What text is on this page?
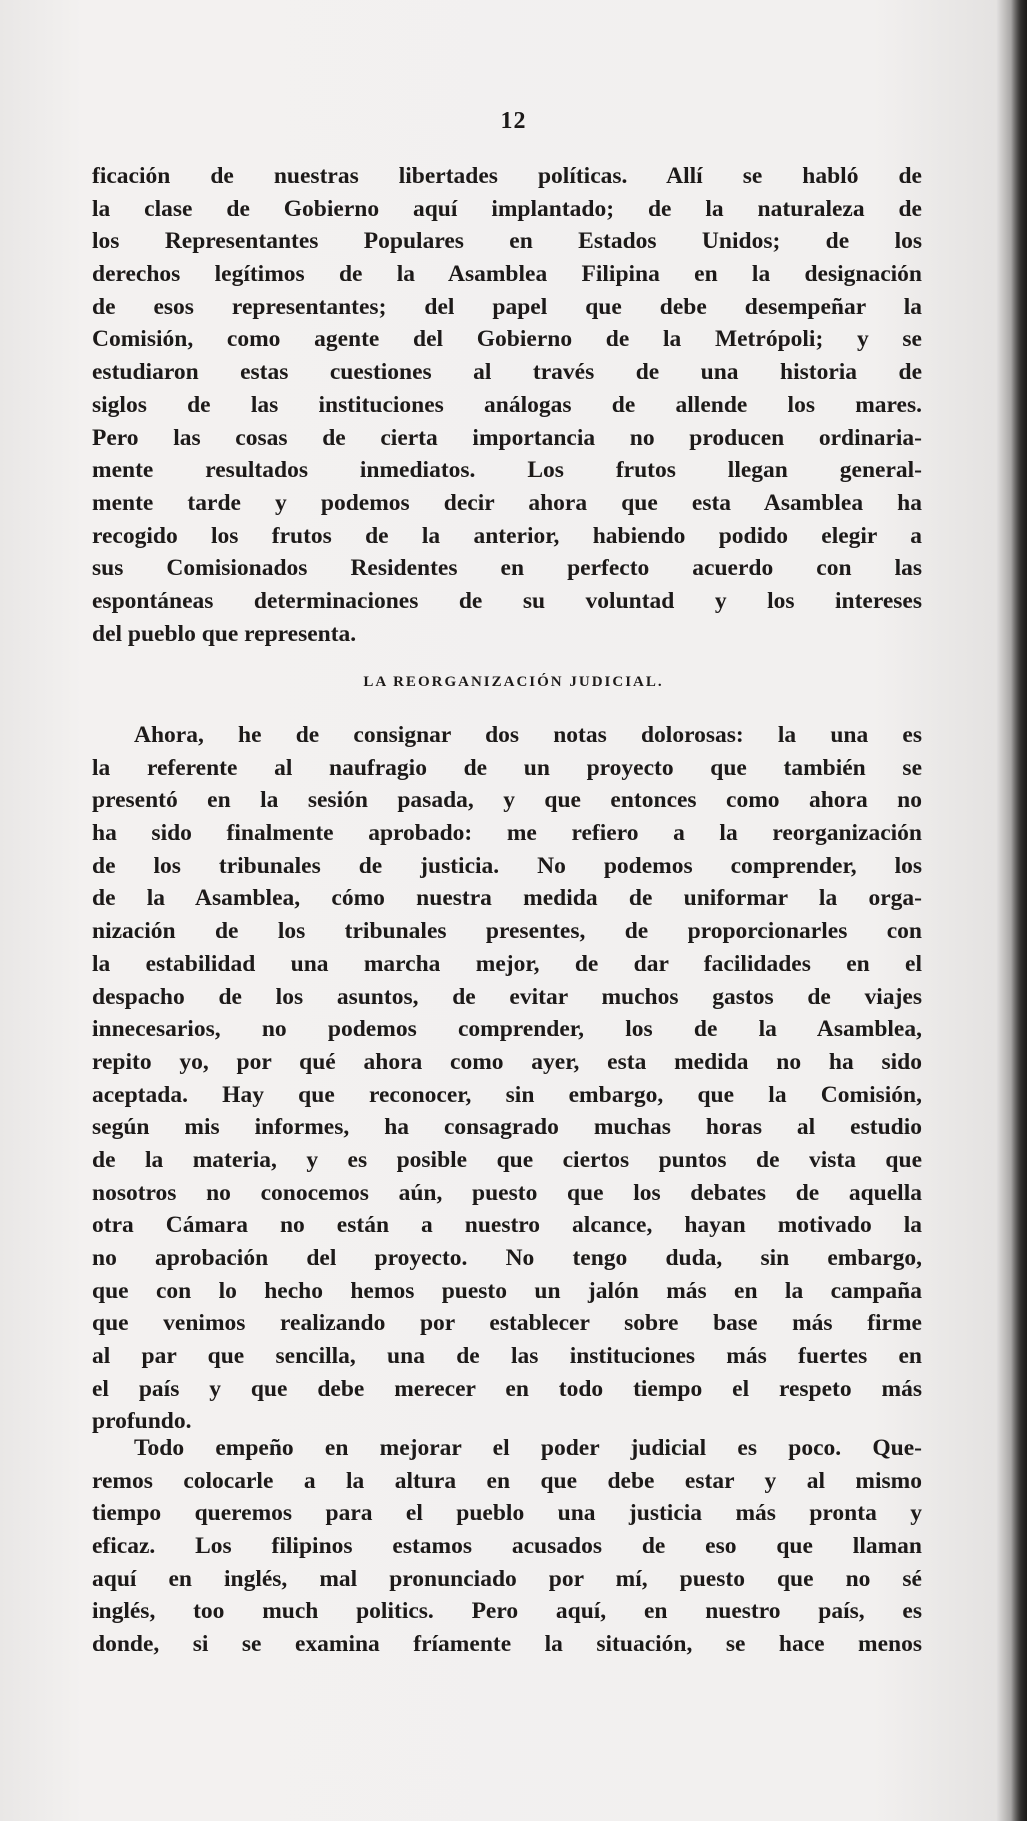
12
ficación de nuestras libertades políticas. Allí se habló de
la clase de Gobierno aquí implantado; de la naturaleza de
los Representantes Populares en Estados Unidos; de los
derechos legítimos de la Asamblea Filipina en la designación
de esos representantes; del papel que debe desempeñar la
Comisión, como agente del Gobierno de la Metrópoli; y se
estudiaron estas cuestiones al través de una historia de
siglos de las instituciones análogas de allende los mares.
Pero las cosas de cierta importancia no producen ordinaria-
mente resultados inmediatos. Los frutos llegan general-
mente tarde y podemos decir ahora que esta Asamblea ha
recogido los frutos de la anterior, habiendo podido elegir a
sus Comisionados Residentes en perfecto acuerdo con las
espontáneas determinaciones de su voluntad y los intereses
del pueblo que representa.
LA REORGANIZACIÓN JUDICIAL.
Ahora, he de consignar dos notas dolorosas: la una es
la referente al naufragio de un proyecto que también se
presentó en la sesión pasada, y que entonces como ahora no
ha sido finalmente aprobado: me refiero a la reorganización
de los tribunales de justicia. No podemos comprender, los
de la Asamblea, cómo nuestra medida de uniformar la orga-
nización de los tribunales presentes, de proporcionarles con
la estabilidad una marcha mejor, de dar facilidades en el
despacho de los asuntos, de evitar muchos gastos de viajes
innecesarios, no podemos comprender, los de la Asamblea,
repito yo, por qué ahora como ayer, esta medida no ha sido
aceptada. Hay que reconocer, sin embargo, que la Comisión,
según mis informes, ha consagrado muchas horas al estudio
de la materia, y es posible que ciertos puntos de vista que
nosotros no conocemos aún, puesto que los debates de aquella
otra Cámara no están a nuestro alcance, hayan motivado la
no aprobación del proyecto. No tengo duda, sin embargo,
que con lo hecho hemos puesto un jalón más en la campaña
que venimos realizando por establecer sobre base más firme
al par que sencilla, una de las instituciones más fuertes en
el país y que debe merecer en todo tiempo el respeto más
profundo.
Todo empeño en mejorar el poder judicial es poco. Que-
remos colocarle a la altura en que debe estar y al mismo
tiempo queremos para el pueblo una justicia más pronta y
eficaz. Los filipinos estamos acusados de eso que llaman
aquí en inglés, mal pronunciado por mí, puesto que no sé
inglés, too much politics. Pero aquí, en nuestro país, es
donde, si se examina fríamente la situación, se hace menos
